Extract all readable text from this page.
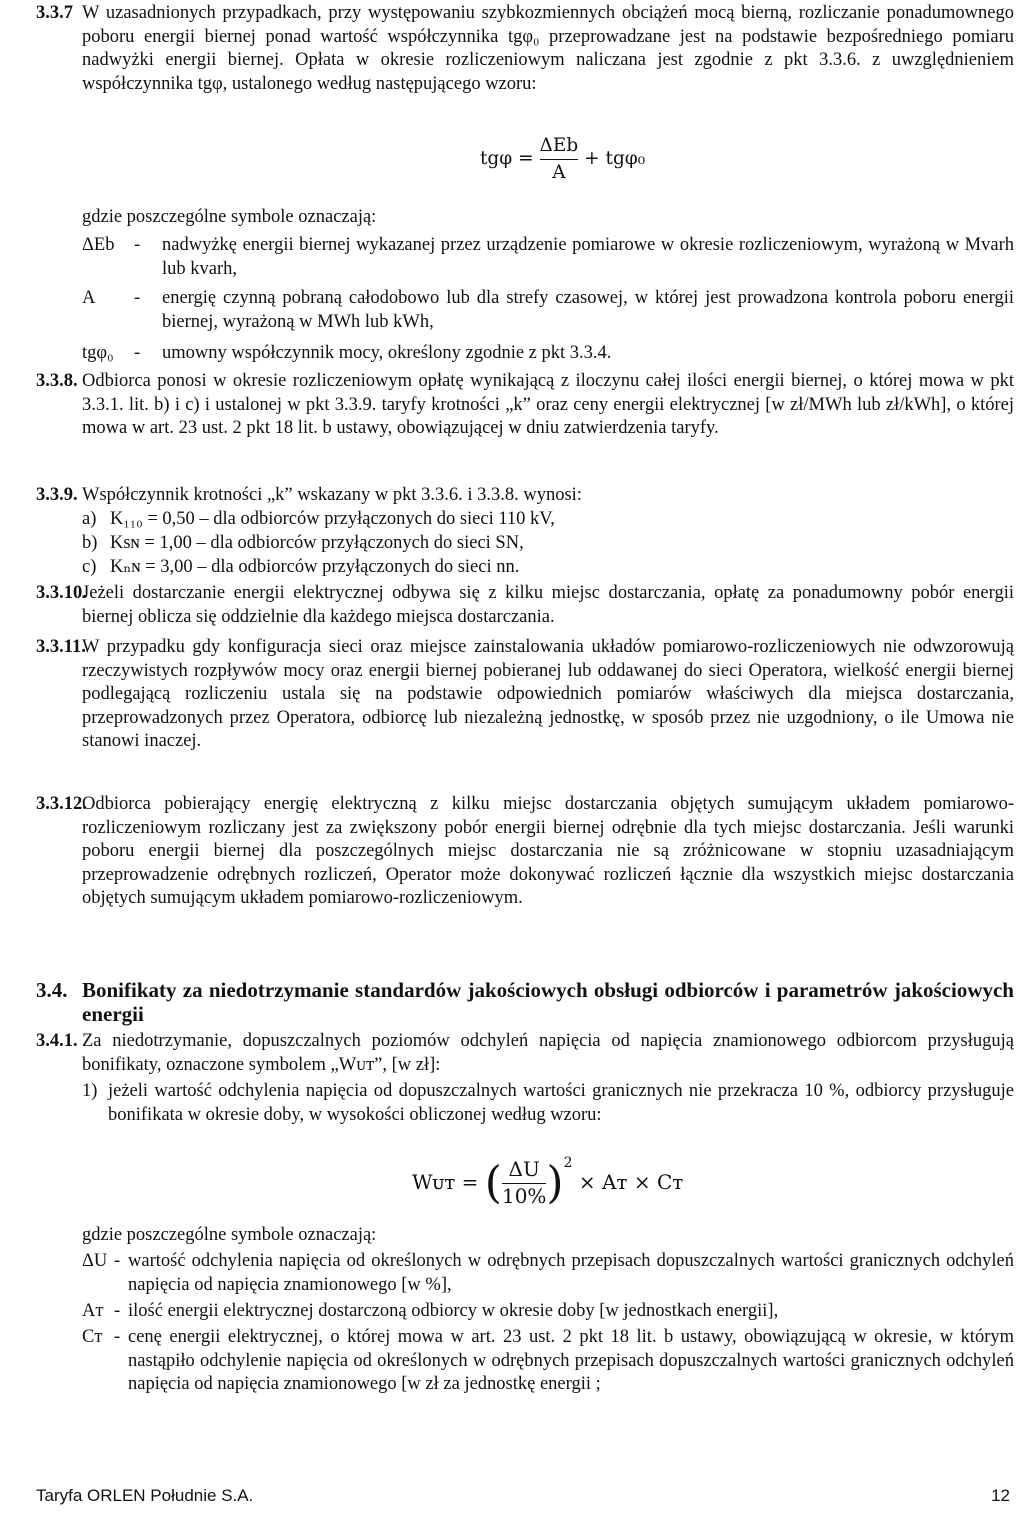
3.3.7 W uzasadnionych przypadkach, przy występowaniu szybkozmiennych obciążeń mocą bierną, rozliczanie ponadumownego poboru energii biernej ponad wartość współczynnika tgφ₀ przeprowadzane jest na podstawie bezpośredniego pomiaru nadwyżki energii biernej. Opłata w okresie rozliczeniowym naliczana jest zgodnie z pkt 3.3.6. z uwzględnieniem współczynnika tgφ, ustalonego według następującego wzoru:

$tg\varphi = \frac{\text{ΔEb}}{A} + tg\varphi_0$

gdzie poszczególne symbole oznaczają:

ΔEb - nadwyżkę energii biernej wykazanej przez urządzenie pomiarowe w okresie rozliczeniowym, wyrażoną w Mvarh lub kvarh,
A - energię czynną pobraną całodobowo lub dla strefy czasowej, w której jest prowadzona kontrola poboru energii biernej, wyrażoną w MWh lub kWh,
tgφ₀ - umowny współczynnik mocy, określony zgodnie z pkt 3.3.4.
3.3.8. Odbiorca ponosi w okresie rozliczeniowym opłatę wynikającą z iloczynu całej ilości energii biernej, o której mowa w pkt 3.3.1. lit. b) i c) i ustalonej w pkt 3.3.9. taryfy krotności „k” oraz ceny energii elektrycznej [w zł/MWh lub zł/kWh], o której mowa w art. 23 ust. 2 pkt 18 lit. b ustawy, obowiązującej w dniu zatwierdzenia taryfy.

3.3.9. Współczynnik krotności „k” wskazany w pkt 3.3.6. i 3.3.8. wynosi:

a) K₁₁₀ = 0,50 – dla odbiorców przyłączonych do sieci 110 kV,
b) Ksɴ = 1,00 – dla odbiorców przyłączonych do sieci SN,
c) Kₙɴ = 3,00 – dla odbiorców przyłączonych do sieci nn.
3.3.10.

Jeżeli dostarczanie energii elektrycznej odbywa się z kilku miejsc dostarczania, opłatę za ponadumowny pobór energii biernej oblicza się oddzielnie dla każdego miejsca dostarczania.

3.3.11.

W przypadku gdy konfiguracja sieci oraz miejsce zainstalowania układów pomiarowo-rozliczeniowych nie odwzorowują rzeczywistych rozpływów mocy oraz energii biernej pobieranej lub oddawanej do sieci Operatora, wielkość energii biernej podlegającą rozliczeniu ustala się na podstawie odpowiednich pomiarów właściwych dla miejsca dostarczania, przeprowadzonych przez Operatora, odbiorcę lub niezależną jednostkę, w sposób przez nie uzgodniony, o ile Umowa nie stanowi inaczej.

3.3.12.

Odbiorca pobierający energię elektryczną z kilku miejsc dostarczania objętych sumującym układem pomiarowo- rozliczeniowym rozliczany jest za zwiększony pobór energii biernej odrębnie dla tych miejsc dostarczania. Jeśli warunki poboru energii biernej dla poszczególnych miejsc dostarczania nie są zróżnicowane w stopniu uzasadniającym przeprowadzenie odrębnych rozliczeń, Operator może dokonywać rozliczeń łącznie dla wszystkich miejsc dostarczania objętych sumującym układem pomiarowo-rozliczeniowym.

3.4. Bonifikaty za niedotrzymanie standardów jakościowych obsługi odbiorców i parametrów jakościowych energii

3.4.1. Za niedotrzymanie, dopuszczalnych poziomów odchyleń napięcia od napięcia znamionowego odbiorcom przysługują bonifikaty, oznaczone symbolem „Wᴜᴛ”, [w zł]:

1) jeżeli wartość odchylenia napięcia od dopuszczalnych wartości granicznych nie przekracza 10 %, odbiorcy przysługuje bonifikata w okresie doby, w wysokości obliczonej według wzoru:
Wᴜᴛ = ( $\frac{\Delta U}{10\%} )^2$ × Aᴛ × Cᴛ

gdzie poszczególne symbole oznaczają:

ΔU - wartość odchylenia napięcia od określonych w odrębnych przepisach dopuszczalnych wartości granicznych odchyleń napięcia od napięcia znamionowego [w %],
Aᴛ - ilość energii elektrycznej dostarczoną odbiorcy w okresie doby [w jednostkach energii],
Cᴛ - cenę energii elektrycznej, o której mowa w art. 23 ust. 2 pkt 18 lit. b ustawy, obowiązującą w okresie, w którym nastąpiło odchylenie napięcia od określonych w odrębnych przepisach dopuszczalnych wartości granicznych odchyleń napięcia od napięcia znamionowego [w zł za jednostkę energii ;
Taryfa ORLEN Południe S.A.	12
